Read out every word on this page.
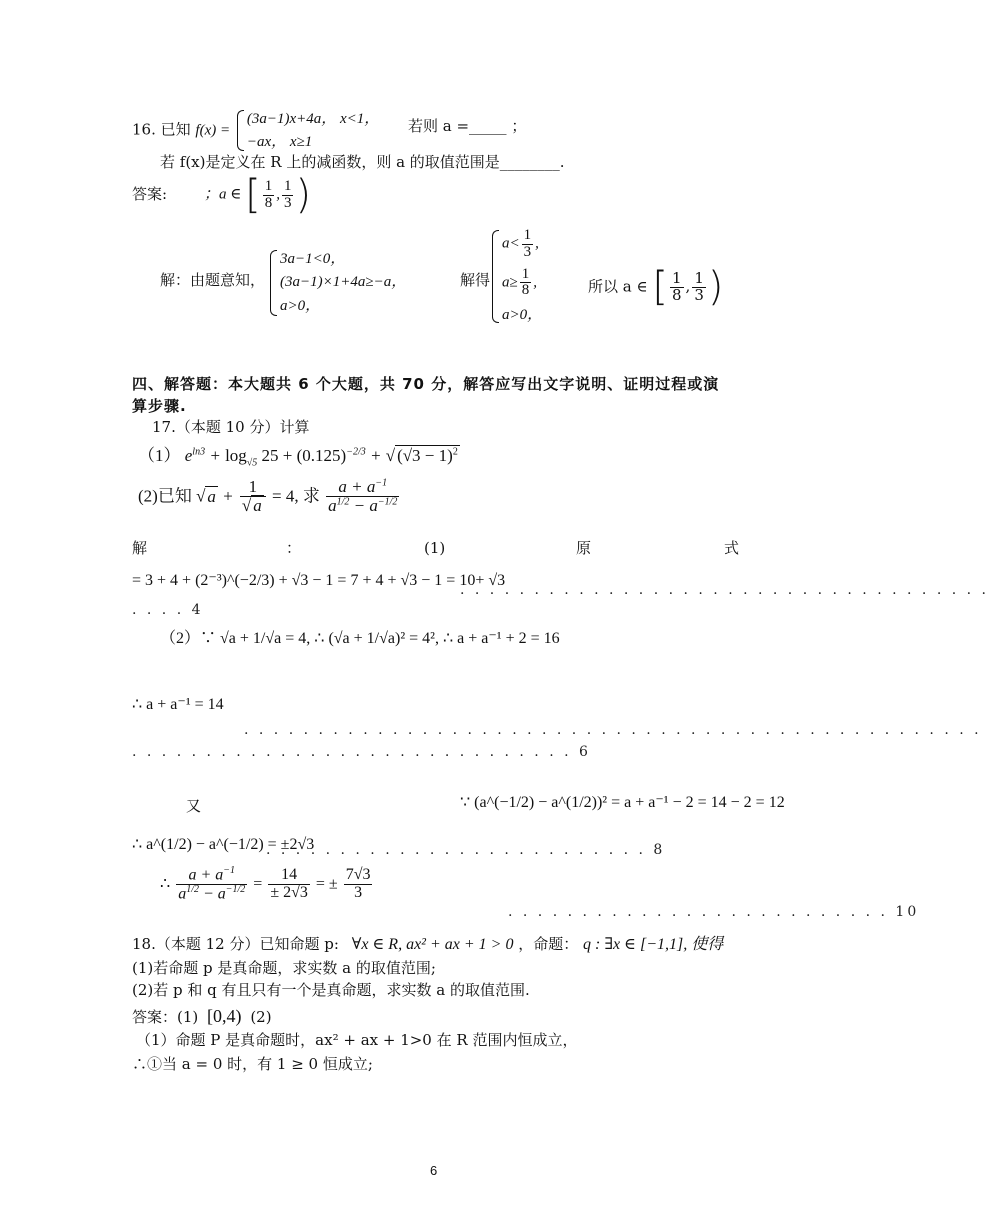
16. 已知 f(x) =
(3a−1)x+4a， x<1，
−ax， x≥1
若则 a =_____ ；
若 f(x)是定义在 R 上的减函数，则 a 的取值范围是________.
答案: ；a ∈ [ $\frac{1}{8}$ , $\frac{1}{3}$ )
解：由题意知，
3a−1<0，
(3a−1)×1+4a≥−a，
a>0，
解得
$a< \frac{1}{3}$ ,
$a\ge \frac{1}{8}$ ,
a>0，
所以 a ∈ [ $\frac{1}{8}$ , $\frac{1}{3}$ )
四、解答题：本大题共 6 个大题，共 70 分，解答应写出文字说明、证明过程或演
算步骤.
17.（本题 10 分）计算
（1） $e^{ln3} + \log_{√5} 25 + (0.125)^{-2/3}$ + √ $(√3 - 1)^2$
(2)已知 √ $a + \frac{1}{√ a} = 4$, 求 $\frac{a + a^{-1}}{a^{1/2} - a^{-1/2}}$
解	：	(1)	原	式
= 3 + 4 + (2⁻³)^(−2/3) + √3 − 1 = 7 + 4 + √3 − 1 = 10+ √3
. . . . . . . . . . . . . . . . . . . . . . . . . . . . . . . . . . . .
. . . . 4
（2）∵ √a + 1/√a = 4, ∴ (√a + 1/√a)² = 4², ∴ a + a⁻¹ + 2 = 16
∴ a + a⁻¹ = 14
. . . . . . . . . . . . . . . . . . . . . . . . . . . . . . . . . . . . . . . . . . . . . . . . . .
. . . . . . . . . . . . . . . . . . . . . . . . . . . . . . 6
又	∵ (a^(−1/2) − a^(1/2))² = a + a⁻¹ − 2 = 14 − 2 = 12
∴ a^(1/2) − a^(−1/2) = ±2√3
. . . . . . . . . . . . . . . . . . . . . . . . . . 8
∴ $\frac{a + a^{-1}}{a^{1/2} - a^{-1/2}} = \frac{14}{\pm 2√3}$ = ± $\frac{7√3}{3}$
. . . . . . . . . . . . . . . . . . . . . . . . . . 10
18.（本题 12 分）已知命题 p: ∀x ∈ R, ax² + ax + 1 > 0 ，命题： q : ∃x ∈ [−1,1], 使得
(1)若命题 p 是真命题，求实数 a 的取值范围;
(2)若 p 和 q 有且只有一个是真命题，求实数 a 的取值范围.
答案：(1) [0,4) (2)
（1）命题 P 是真命题时，ax² + ax + 1>0 在 R 范围内恒成立，
∴①当 a = 0 时，有 1 ≥ 0 恒成立;
6
